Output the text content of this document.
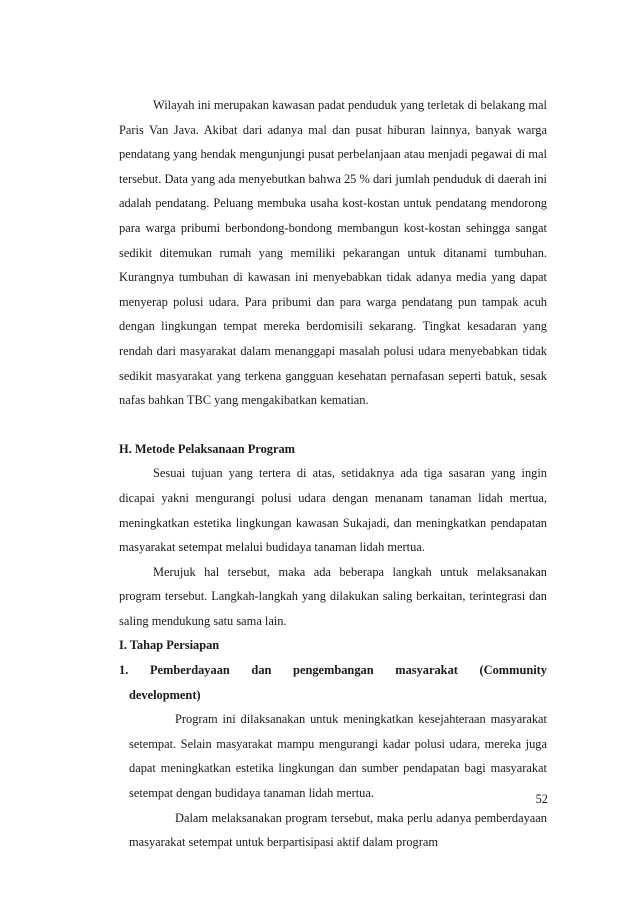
Wilayah ini merupakan kawasan padat penduduk yang terletak di belakang mal Paris Van Java. Akibat dari adanya mal dan pusat hiburan lainnya, banyak warga pendatang yang hendak mengunjungi pusat perbelanjaan atau menjadi pegawai di mal tersebut. Data yang ada menyebutkan bahwa 25 % dari jumlah penduduk di daerah ini adalah pendatang. Peluang membuka usaha kost-kostan untuk pendatang mendorong para warga pribumi berbondong-bondong membangun kost-kostan sehingga sangat sedikit ditemukan rumah yang memiliki pekarangan untuk ditanami tumbuhan. Kurangnya tumbuhan di kawasan ini menyebabkan tidak adanya media yang dapat menyerap polusi udara. Para pribumi dan para warga pendatang pun tampak acuh dengan lingkungan tempat mereka berdomisili sekarang. Tingkat kesadaran yang rendah dari masyarakat dalam menanggapi masalah polusi udara menyebabkan tidak sedikit masyarakat yang terkena gangguan kesehatan pernafasan seperti batuk, sesak nafas bahkan TBC yang mengakibatkan kematian.

H. Metode Pelaksanaan Program

Sesuai tujuan yang tertera di atas, setidaknya ada tiga sasaran yang ingin dicapai yakni mengurangi polusi udara dengan menanam tanaman lidah mertua, meningkatkan estetika lingkungan kawasan Sukajadi, dan meningkatkan pendapatan masyarakat setempat melalui budidaya tanaman lidah mertua.

Merujuk hal tersebut, maka ada beberapa langkah untuk melaksanakan program tersebut. Langkah-langkah yang dilakukan saling berkaitan, terintegrasi dan saling mendukung satu sama lain.

I. Tahap Persiapan

1. Pemberdayaan dan pengembangan masyarakat (Community

development)

Program ini dilaksanakan untuk meningkatkan kesejahteraan masyarakat setempat. Selain masyarakat mampu mengurangi kadar polusi udara, mereka juga dapat meningkatkan estetika lingkungan dan sumber pendapatan bagi masyarakat setempat dengan budidaya tanaman lidah mertua.

Dalam melaksanakan program tersebut, maka perlu adanya pemberdayaan masyarakat setempat untuk berpartisipasi aktif dalam program

52
